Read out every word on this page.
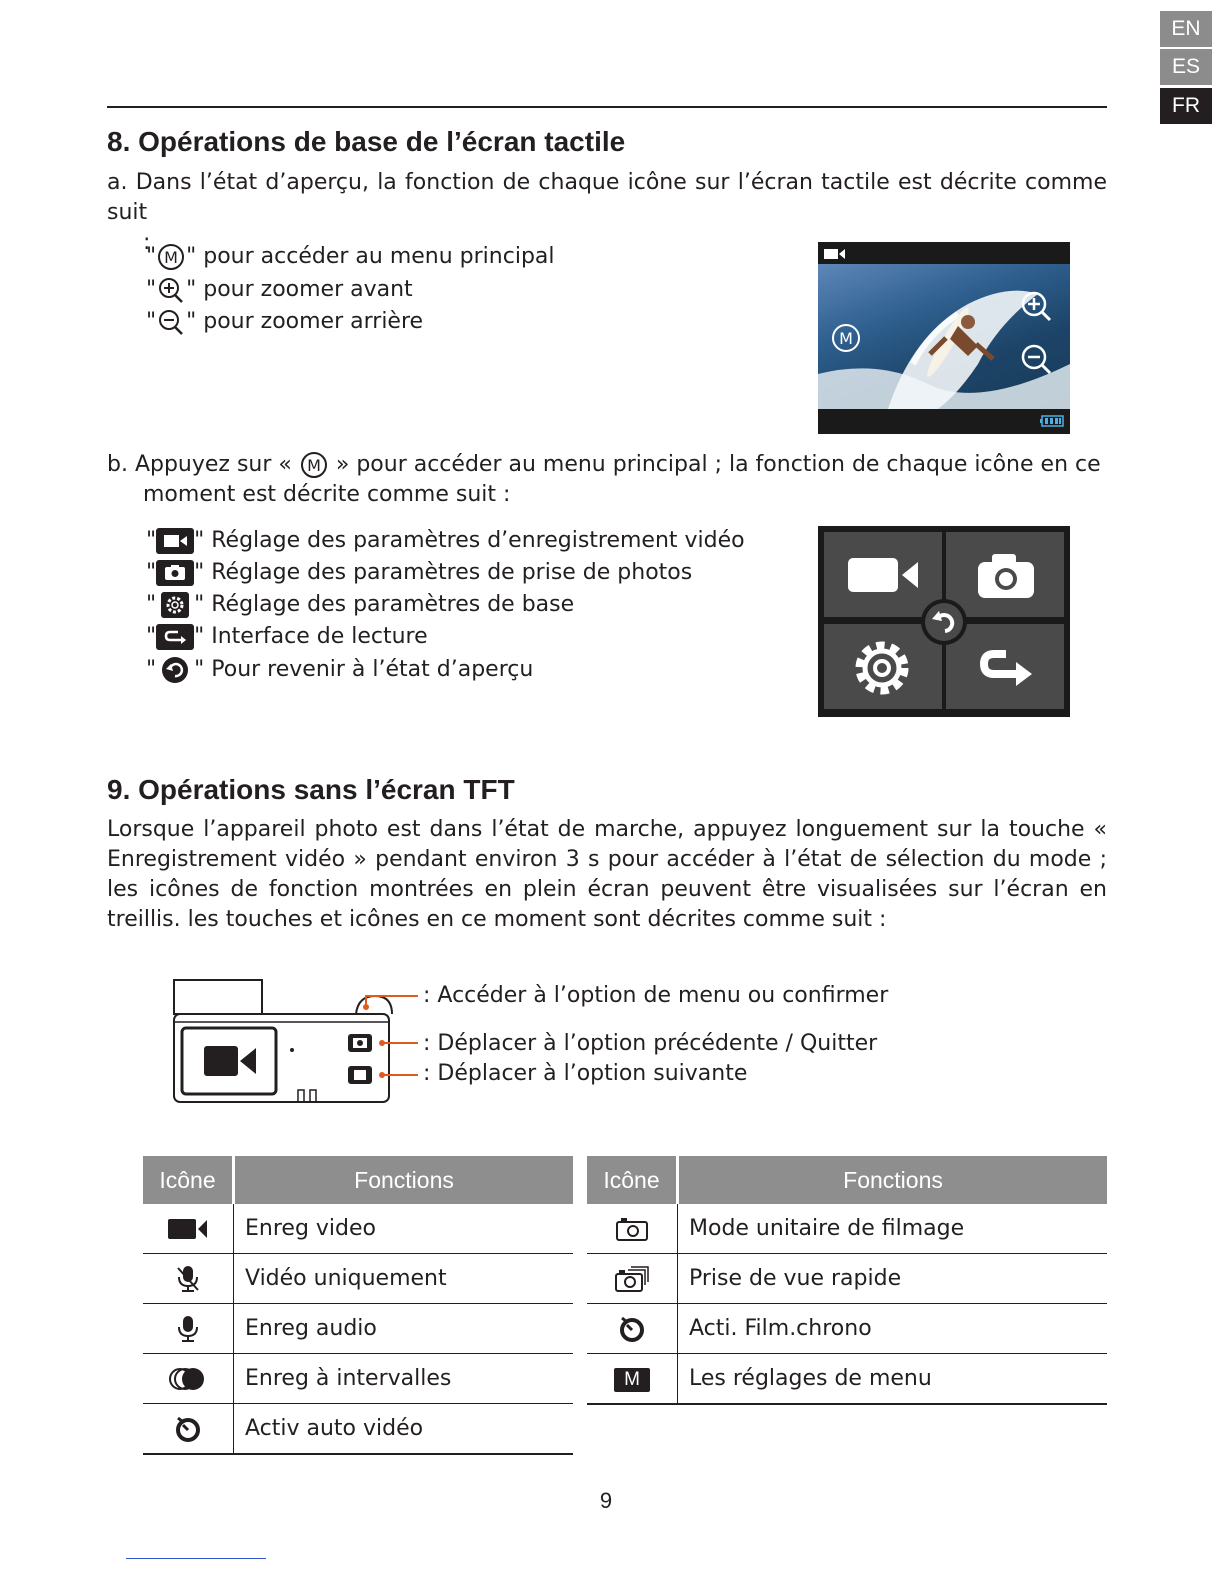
EN
ES
FR
8. Opérations de base de l’écran tactile

a. Dans l’état d’aperçu, la fonction de chaque icône sur l’écran tactile est décrite comme suit
:

" M " pour accéder au menu principal
" " pour zoomer avant
" " pour zoomer arrière
M
b. Appuyez sur « M » pour accéder au menu principal ; la fonction de chaque icône en ce
moment est décrite comme suit :
" " Réglage des paramètres d’enregistrement vidéo
" " Réglage des paramètres de prise de photos
" " Réglage des paramètres de base
" " Interface de lecture
" " Pour revenir à l’état d’aperçu
9. Opérations sans l’écran TFT
Lorsque l’appareil photo est dans l’état de marche, appuyez longuement sur la touche « Enregistrement vidéo » pendant environ 3 s pour accéder à l’état de sélection du mode ; les icônes de fonction montrées en plein écran peuvent être visualisées sur l’écran en treillis. les touches et icônes en ce moment sont décrites comme suit :
: Accéder à l’option de menu ou confirmer
: Déplacer à l’option précédente / Quitter
: Déplacer à l’option suivante
Icône	Fonctions
	Enreg video
	Vidéo uniquement
	Enreg audio
	Enreg à intervalles
	Activ auto vidéo
Icône	Fonctions
	Mode unitaire de filmage
	Prise de vue rapide
	Acti. Film.chrono
M	Les réglages de menu
9
